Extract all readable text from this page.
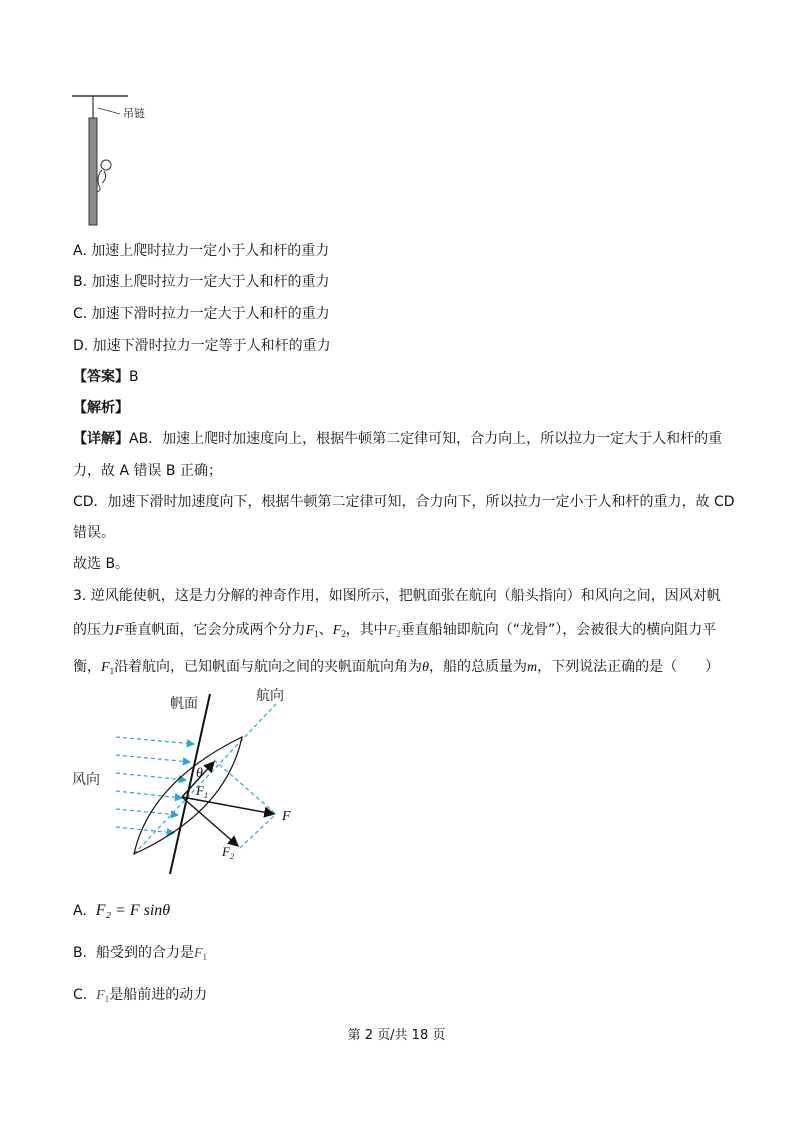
吊链
A. 加速上爬时拉力一定小于人和杆的重力
B. 加速上爬时拉力一定大于人和杆的重力
C. 加速下滑时拉力一定大于人和杆的重力
D. 加速下滑时拉力一定等于人和杆的重力
【答案】B
【解析】
【详解】AB．加速上爬时加速度向上，根据牛顿第二定律可知，合力向上，所以拉力一定大于人和杆的重
力，故 A 错误 B 正确；
CD．加速下滑时加速度向下，根据牛顿第二定律可知，合力向下，所以拉力一定小于人和杆的重力，故 CD
错误。
故选 B。
3. 逆风能使帆，这是力分解的神奇作用，如图所示，把帆面张在航向（船头指向）和风向之间，因风对帆
的压力F垂直帆面，它会分成两个分力$F_1$、$F_2$，其中$F_2$垂直船轴即航向（“龙骨”），会被很大的横向阻力平
衡，$F_1$沿着航向，已知帆面与航向之间的夹帆面航向角为θ，船的总质量为m，下列说法正确的是（　　）
帆面	航向
风向	θ
F
$F_1$
$F_2$
A. F₂ = F sinθ
B. 船受到的合力是$F_1$
C. $F_1$是船前进的动力
第 2 页/共 18 页
